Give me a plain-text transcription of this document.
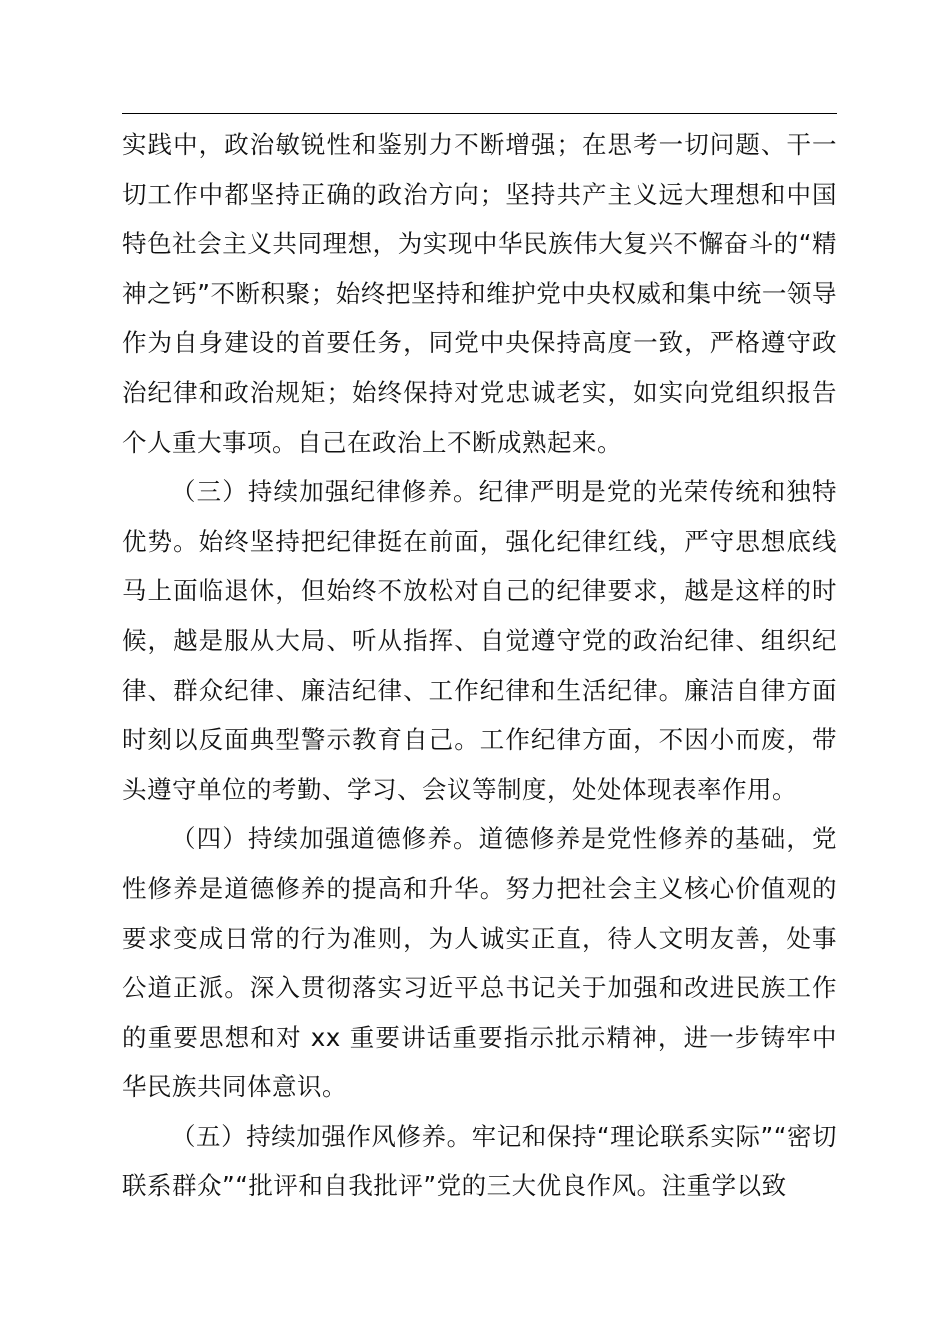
实践中，政治敏锐性和鉴别力不断增强；在思考一切问题、干一切工作中都坚持正确的政治方向；坚持共产主义远大理想和中国特色社会主义共同理想，为实现中华民族伟大复兴不懈奋斗的“精神之钙”不断积聚；始终把坚持和维护党中央权威和集中统一领导作为自身建设的首要任务，同党中央保持高度一致，严格遵守政治纪律和政治规矩；始终保持对党忠诚老实，如实向党组织报告个人重大事项。自己在政治上不断成熟起来。

（三）持续加强纪律修养。纪律严明是党的光荣传统和独特优势。始终坚持把纪律挺在前面，强化纪律红线，严守思想底线马上面临退休，但始终不放松对自己的纪律要求，越是这样的时候，越是服从大局、听从指挥、自觉遵守党的政治纪律、组织纪律、群众纪律、廉洁纪律、工作纪律和生活纪律。廉洁自律方面时刻以反面典型警示教育自己。工作纪律方面，不因小而废，带头遵守单位的考勤、学习、会议等制度，处处体现表率作用。

（四）持续加强道德修养。道德修养是党性修养的基础，党性修养是道德修养的提高和升华。努力把社会主义核心价值观的要求变成日常的行为准则，为人诚实正直，待人文明友善，处事公道正派。深入贯彻落实习近平总书记关于加强和改进民族工作的重要思想和对 xx 重要讲话重要指示批示精神，进一步铸牢中华民族共同体意识。

（五）持续加强作风修养。牢记和保持“理论联系实际”“密切联系群众”“批评和自我批评”党的三大优良作风。注重学以致
